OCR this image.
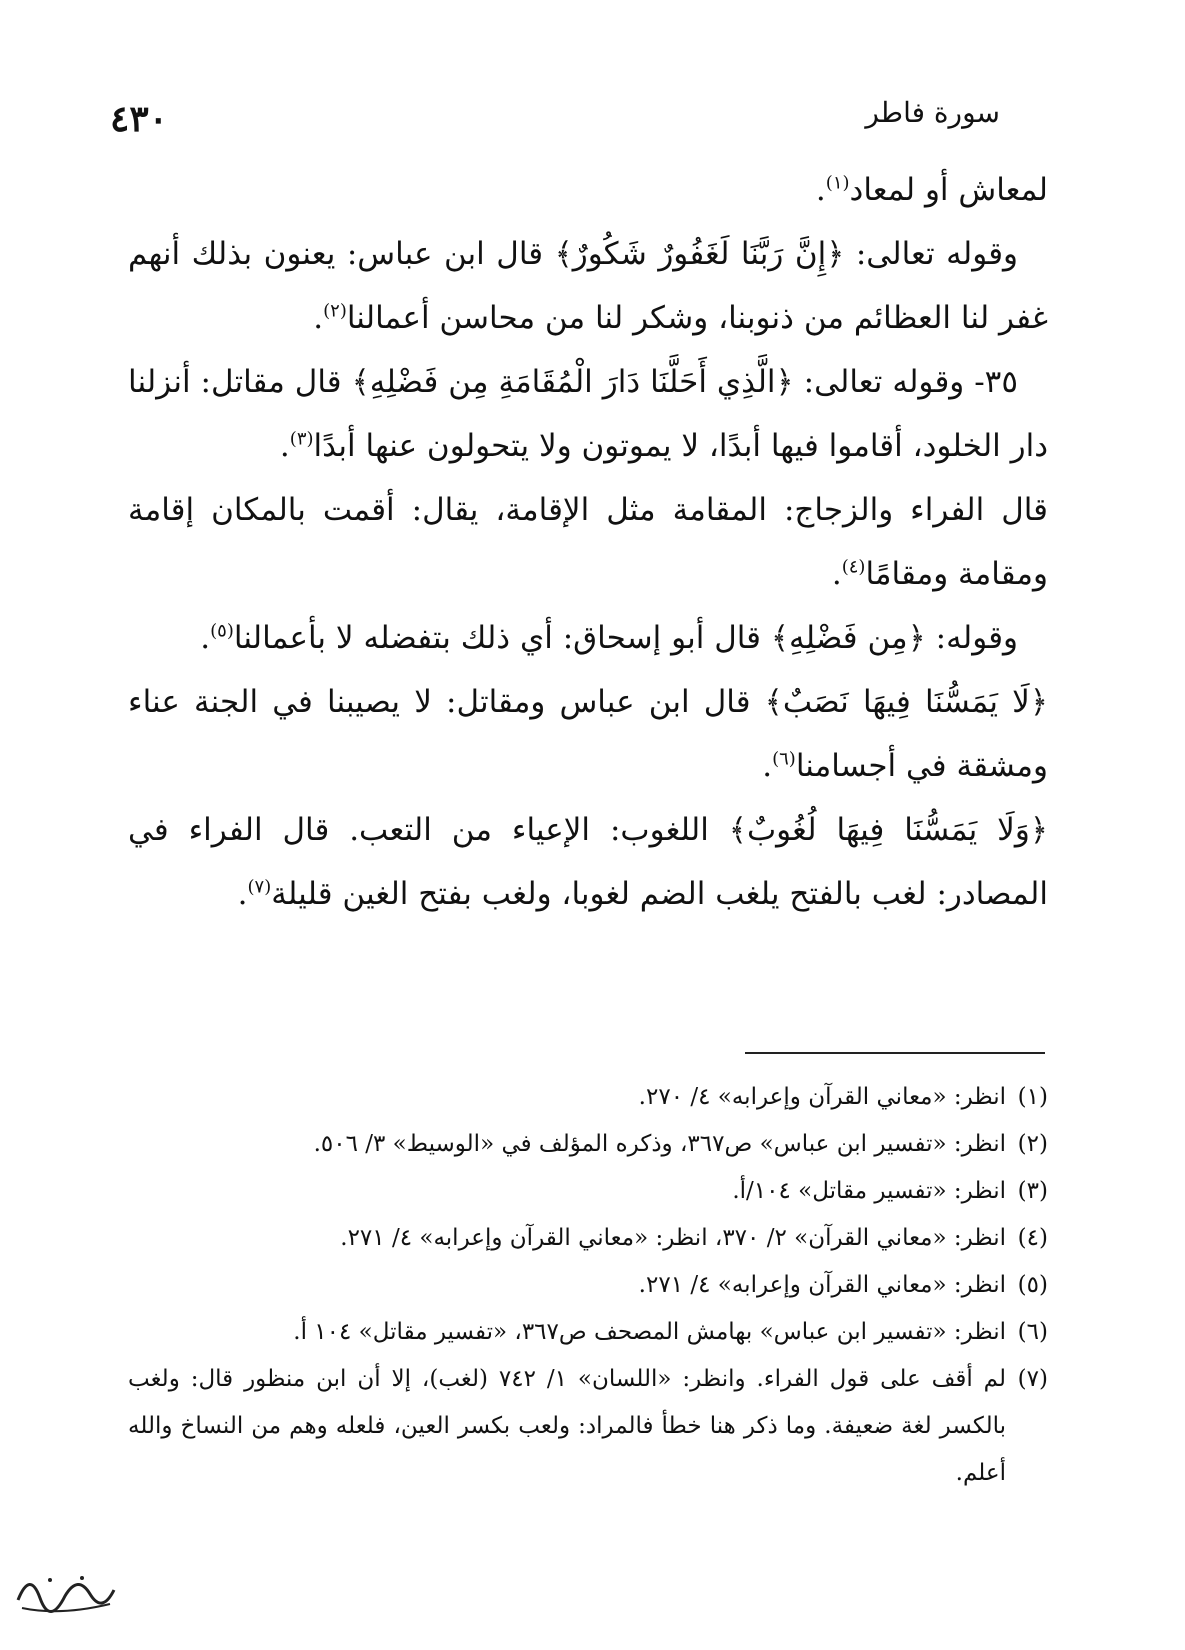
٤٣٠	سورة فاطر

لمعاش أو لمعاد$^{(١)}$.

وقوله تعالى: ﴿إِنَّ رَبَّنَا لَغَفُورٌ شَكُورٌ﴾ قال ابن عباس: يعنون بذلك أنهم غفر لنا العظائم من ذنوبنا، وشكر لنا من محاسن أعمالنا$^{(٢)}$.

٣٥- وقوله تعالى: ﴿الَّذِي أَحَلَّنَا دَارَ الْمُقَامَةِ مِن فَضْلِهِ﴾ قال مقاتل: أنزلنا دار الخلود، أقاموا فيها أبدًا، لا يموتون ولا يتحولون عنها أبدًا$^{(٣)}$.

قال الفراء والزجاج: المقامة مثل الإقامة، يقال: أقمت بالمكان إقامة ومقامة ومقامًا$^{(٤)}$.

وقوله: ﴿مِن فَضْلِهِ﴾ قال أبو إسحاق: أي ذلك بتفضله لا بأعمالنا$^{(٥)}$.

﴿لَا يَمَسُّنَا فِيهَا نَصَبٌ﴾ قال ابن عباس ومقاتل: لا يصيبنا في الجنة عناء ومشقة في أجسامنا$^{(٦)}$.

﴿وَلَا يَمَسُّنَا فِيهَا لُغُوبٌ﴾ اللغوب: الإعياء من التعب. قال الفراء في المصادر: لغب بالفتح يلغب الضم لغوبا، ولغب بفتح الغين قليلة$^{(٧)}$.

(١)
انظر: «معاني القرآن وإعرابه» ٤/ ٢٧٠.
(٢)
انظر: «تفسير ابن عباس» ص٣٦٧، وذكره المؤلف في «الوسيط» ٣/ ٥٠٦.
(٣)
انظر: «تفسير مقاتل» ١٠٤/أ.
(٤)
انظر: «معاني القرآن» ٢/ ٣٧٠، انظر: «معاني القرآن وإعرابه» ٤/ ٢٧١.
(٥)
انظر: «معاني القرآن وإعرابه» ٤/ ٢٧١.
(٦)
انظر: «تفسير ابن عباس» بهامش المصحف ص٣٦٧، «تفسير مقاتل» ١٠٤ أ.
(٧)
لم أقف على قول الفراء. وانظر: «اللسان» ١/ ٧٤٢ (لغب)، إلا أن ابن منظور قال: ولغب بالكسر لغة ضعيفة. وما ذكر هنا خطأ فالمراد: ولعب بكسر العين، فلعله وهم من النساخ والله أعلم.
